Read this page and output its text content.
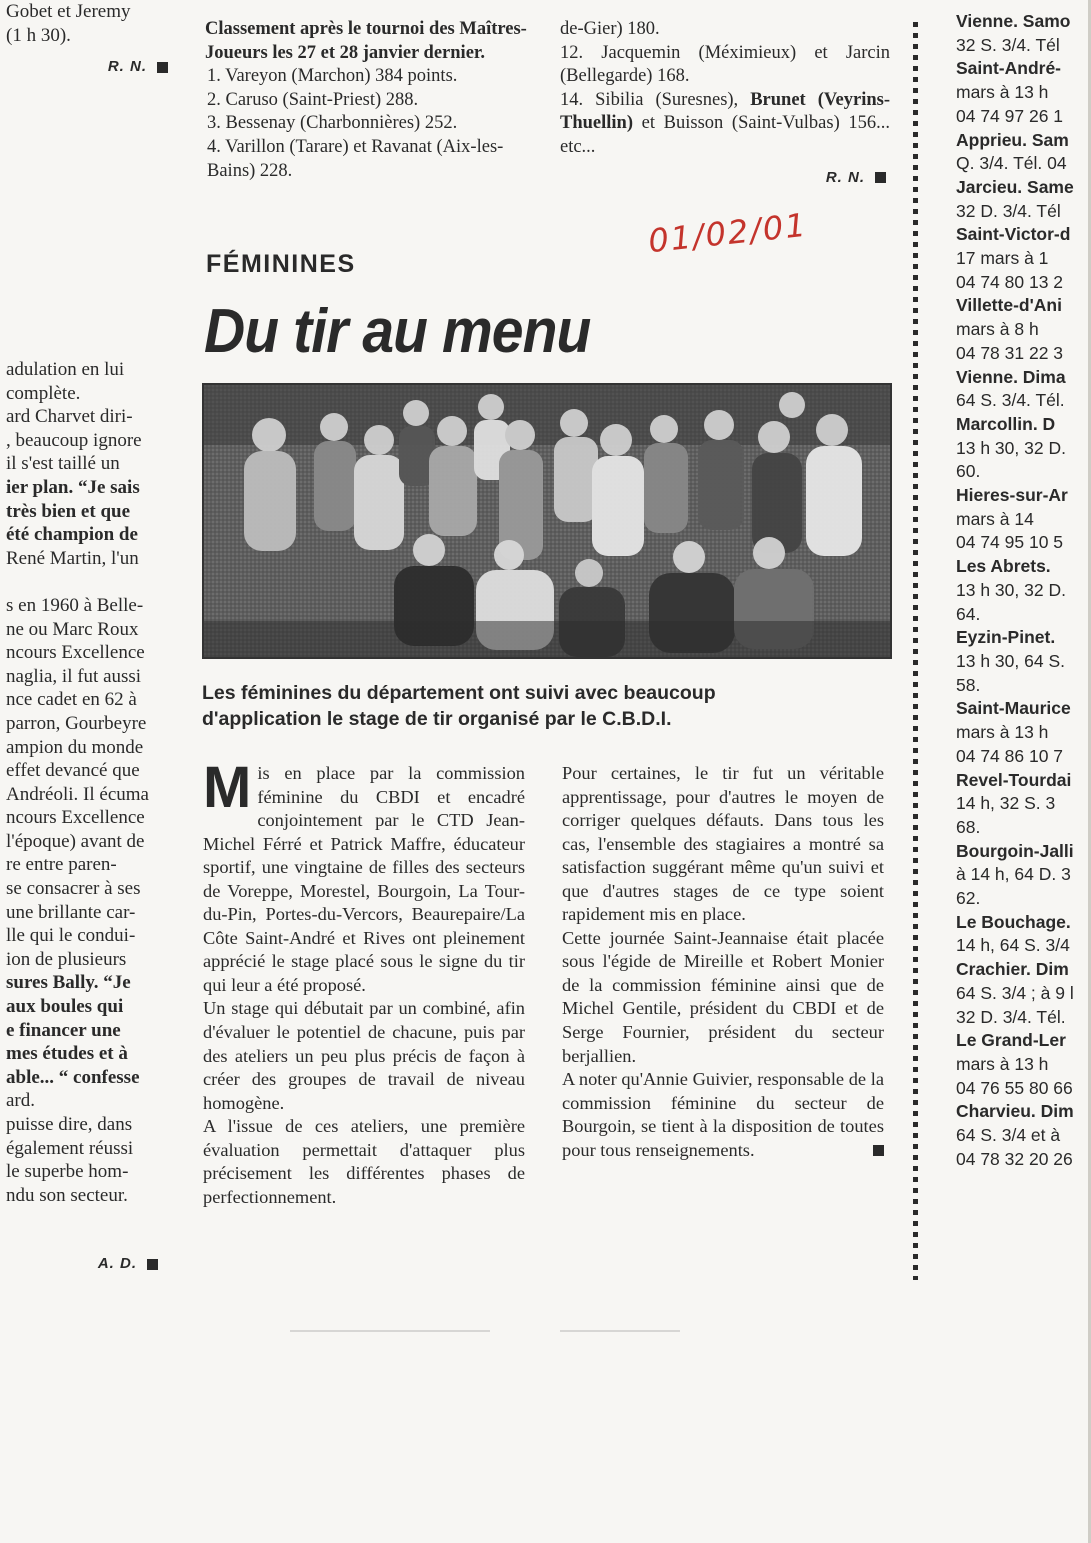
Gobet et Jeremy
(1 h 30).
R. N.
adulation en lui
complète.
ard Charvet diri-
, beaucoup ignore
il s'est taillé un
ier plan. “Je sais
très bien et que
été champion de
René Martin, l'un
s en 1960 à Belle-
ne ou Marc Roux
ncours Excellence
naglia, il fut aussi
nce cadet en 62 à
parron, Gourbeyre
ampion du monde
effet devancé que
Andréoli. Il écuma
ncours Excellence
l'époque) avant de
re entre paren-
se consacrer à ses
une brillante car-
lle qui le condui-
ion de plusieurs
sures Bally. “Je
aux boules qui
e financer une
mes études et à
able... “ confesse
ard.
puisse dire, dans
également réussi
le superbe hom-
ndu son secteur.
A. D.

Classement après le tournoi des Maîtres-Joueurs les 27 et 28 janvier dernier.

1. Vareyon (Marchon) 384 points.

2. Caruso (Saint-Priest) 288.

3. Bessenay (Charbonnières) 252.

4. Varillon (Tarare) et Ravanat (Aix-les-Bains) 228.

de-Gier) 180.

12. Jacquemin (Méximieux) et Jarcin (Bellegarde) 168.

14. Sibilia (Suresnes), Brunet (Veyrins-Thuellin) et Buisson (Saint-Vulbas) 156... etc...

R. N.
01/02/01
FÉMININES
Du tir au menu
Les féminines du département ont suivi avec beaucoup d'application le stage de tir organisé par le C.B.D.I.

Mis en place par la commission féminine du CBDI et encadré conjointement par le CTD Jean-Michel Férré et Patrick Maffre, éducateur sportif, une vingtaine de filles des secteurs de Voreppe, Morestel, Bourgoin, La Tour-du-Pin, Portes-du-Vercors, Beaurepaire/La Côte Saint-André et Rives ont pleinement apprécié le stage placé sous le signe du tir qui leur a été proposé.

Un stage qui débutait par un combiné, afin d'évaluer le potentiel de chacune, puis par des ateliers un peu plus précis de façon à créer des groupes de travail de niveau homogène.

A l'issue de ces ateliers, une première évaluation permettait d'attaquer plus précisement les différentes phases de perfectionnement.

Pour certaines, le tir fut un véritable apprentissage, pour d'autres le moyen de corriger quelques défauts. Dans tous les cas, l'ensemble des stagiaires a montré sa satisfaction suggérant même qu'un suivi et que d'autres stages de ce type soient rapidement mis en place.

Cette journée Saint-Jeannaise était placée sous l'égide de Mireille et Robert Monier de la commission féminine ainsi que de Michel Gentile, président du CBDI et de Serge Fournier, président du secteur berjallien.

A noter qu'Annie Guivier, responsable de la commission féminine du secteur de Bourgoin, se tient à la disposition de toutes pour tous renseignements.

Vienne. Samo
32 S. 3/4. Tél
Saint-André-
mars à 13 h
04 74 97 26 1
Apprieu. Sam
Q. 3/4. Tél. 04
Jarcieu. Same
32 D. 3/4. Tél
Saint-Victor-d
17 mars à 1
04 74 80 13 2
Villette-d'Ani
mars à 8 h
04 78 31 22 3
Vienne. Dima
64 S. 3/4. Tél.
Marcollin. D
13 h 30, 32 D.
60.
Hieres-sur-Ar
mars à 14
04 74 95 10 5
Les Abrets.
13 h 30, 32 D.
64.
Eyzin-Pinet.
13 h 30, 64 S.
58.
Saint-Maurice
mars à 13 h
04 74 86 10 7
Revel-Tourdai
14 h, 32 S. 3
68.
Bourgoin-Jalli
à 14 h, 64 D. 3
62.
Le Bouchage.
14 h, 64 S. 3/4
Crachier. Dim
64 S. 3/4 ; à 9 l
32 D. 3/4. Tél.
Le Grand-Ler
mars à 13 h
04 76 55 80 66
Charvieu. Dim
64 S. 3/4 et à
04 78 32 20 26
